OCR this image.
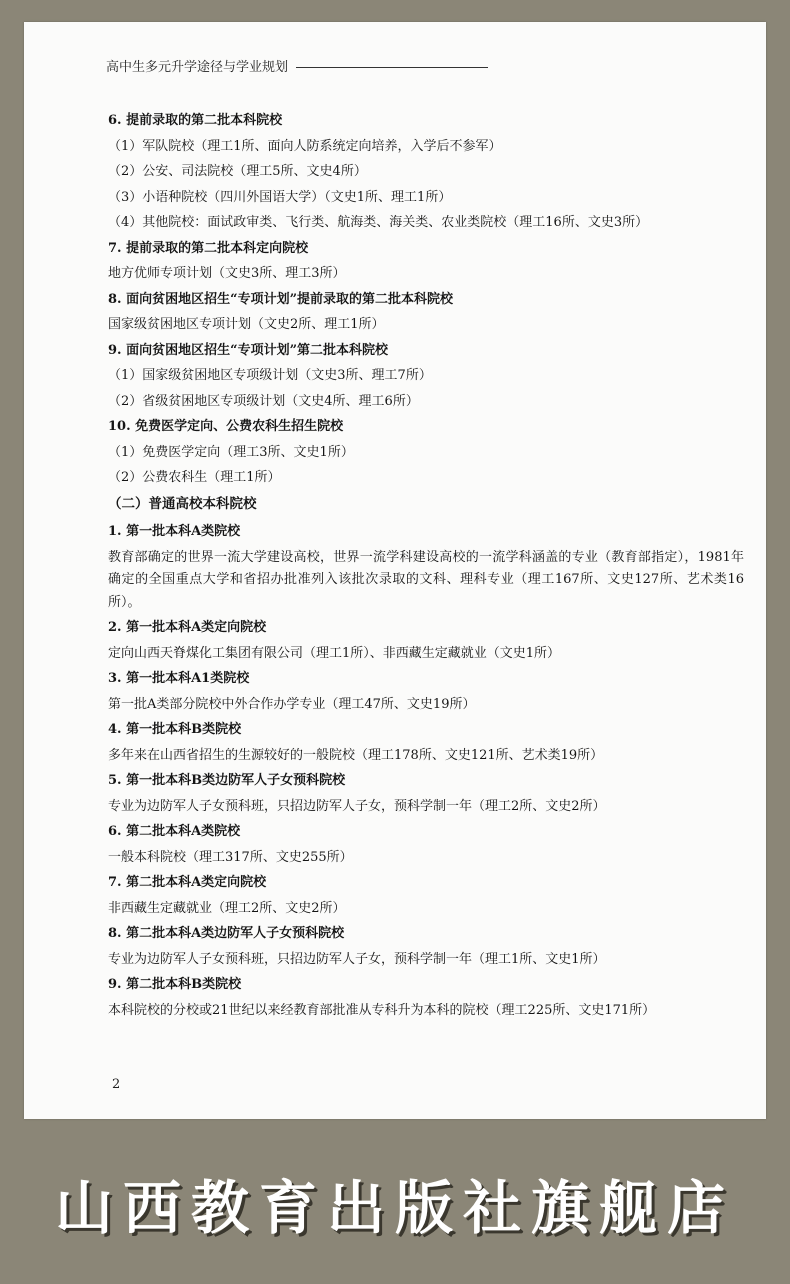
高中生多元升学途径与学业规划
6. 提前录取的第二批本科院校
（1）军队院校（理工1所、面向人防系统定向培养，入学后不参军）
（2）公安、司法院校（理工5所、文史4所）
（3）小语种院校（四川外国语大学）（文史1所、理工1所）
（4）其他院校：面试政审类、飞行类、航海类、海关类、农业类院校（理工16所、文史3所）
7. 提前录取的第二批本科定向院校
地方优师专项计划（文史3所、理工3所）
8. 面向贫困地区招生“专项计划”提前录取的第二批本科院校
国家级贫困地区专项计划（文史2所、理工1所）
9. 面向贫困地区招生“专项计划”第二批本科院校
（1）国家级贫困地区专项级计划（文史3所、理工7所）
（2）省级贫困地区专项级计划（文史4所、理工6所）
10. 免费医学定向、公费农科生招生院校
（1）免费医学定向（理工3所、文史1所）
（2）公费农科生（理工1所）
（二）普通高校本科院校
1. 第一批本科A类院校
教育部确定的世界一流大学建设高校，世界一流学科建设高校的一流学科涵盖的专业（教育部指定），1981年确定的全国重点大学和省招办批准列入该批次录取的文科、理科专业（理工167所、文史127所、艺术类16所）。
2. 第一批本科A类定向院校
定向山西天脊煤化工集团有限公司（理工1所）、非西藏生定藏就业（文史1所）
3. 第一批本科A1类院校
第一批A类部分院校中外合作办学专业（理工47所、文史19所）
4. 第一批本科B类院校
多年来在山西省招生的生源较好的一般院校（理工178所、文史121所、艺术类19所）
5. 第一批本科B类边防军人子女预科院校
专业为边防军人子女预科班，只招边防军人子女，预科学制一年（理工2所、文史2所）
6. 第二批本科A类院校
一般本科院校（理工317所、文史255所）
7. 第二批本科A类定向院校
非西藏生定藏就业（理工2所、文史2所）
8. 第二批本科A类边防军人子女预科院校
专业为边防军人子女预科班，只招边防军人子女，预科学制一年（理工1所、文史1所）
9. 第二批本科B类院校
本科院校的分校或21世纪以来经教育部批准从专科升为本科的院校（理工225所、文史171所）
2
山西教育出版社旗舰店
